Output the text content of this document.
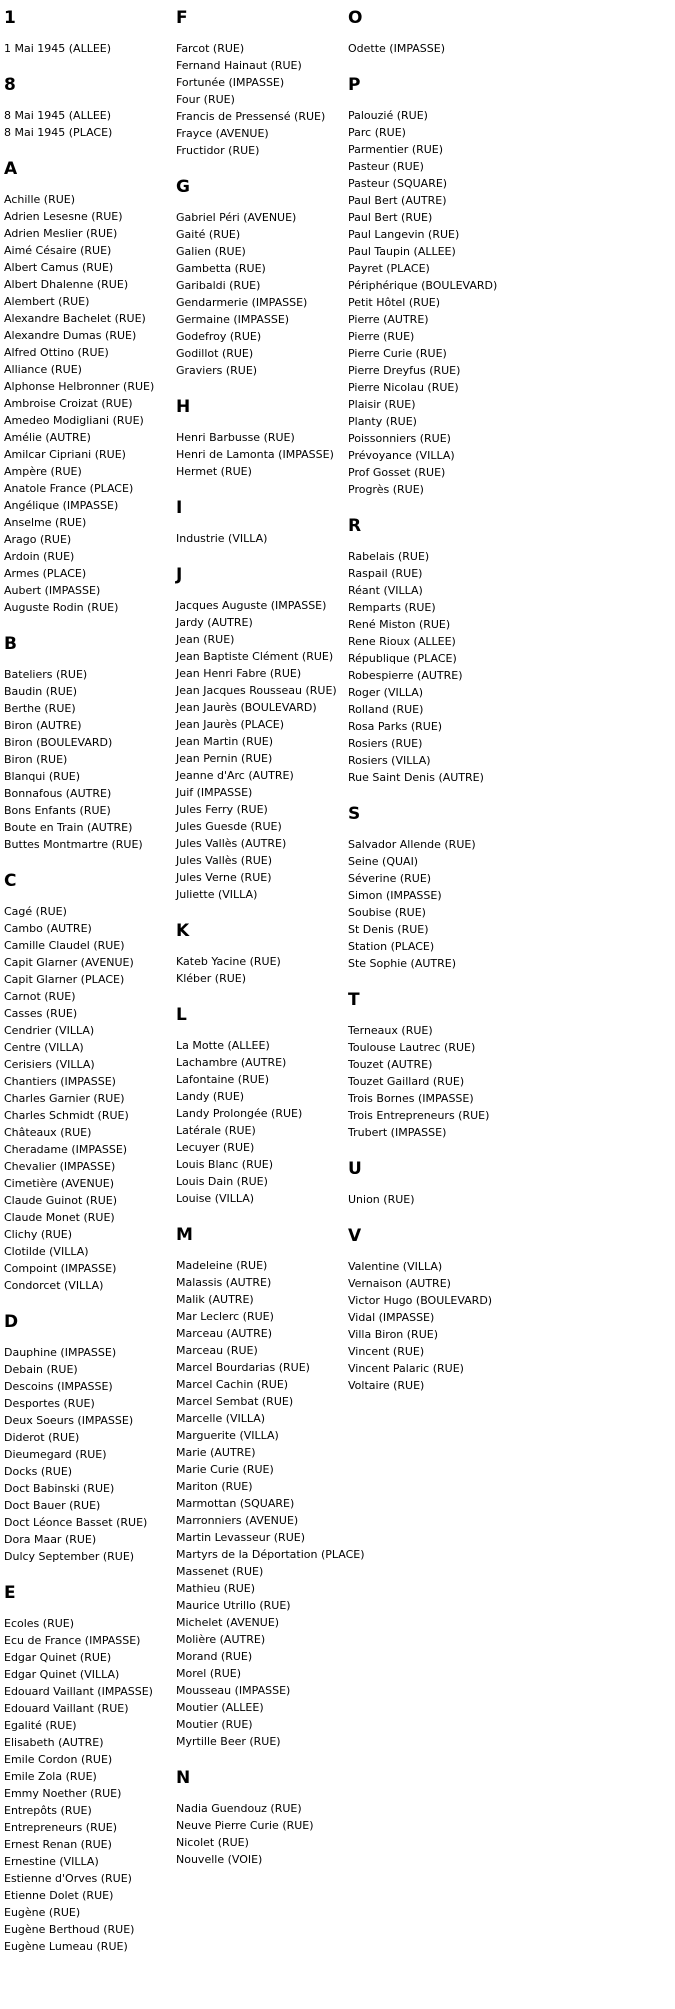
1
1 Mai 1945 (ALLEE)
8
8 Mai 1945 (ALLEE)
8 Mai 1945 (PLACE)
A
Achille (RUE)
Adrien Lesesne (RUE)
Adrien Meslier (RUE)
Aimé Césaire (RUE)
Albert Camus (RUE)
Albert Dhalenne (RUE)
Alembert (RUE)
Alexandre Bachelet (RUE)
Alexandre Dumas (RUE)
Alfred Ottino (RUE)
Alliance (RUE)
Alphonse Helbronner (RUE)
Ambroise Croizat (RUE)
Amedeo Modigliani (RUE)
Amélie (AUTRE)
Amilcar Cipriani (RUE)
Ampère (RUE)
Anatole France (PLACE)
Angélique (IMPASSE)
Anselme (RUE)
Arago (RUE)
Ardoin (RUE)
Armes (PLACE)
Aubert (IMPASSE)
Auguste Rodin (RUE)
B
Bateliers (RUE)
Baudin (RUE)
Berthe (RUE)
Biron (AUTRE)
Biron (BOULEVARD)
Biron (RUE)
Blanqui (RUE)
Bonnafous (AUTRE)
Bons Enfants (RUE)
Boute en Train (AUTRE)
Buttes Montmartre (RUE)
C
Cagé (RUE)
Cambo (AUTRE)
Camille Claudel (RUE)
Capit Glarner (AVENUE)
Capit Glarner (PLACE)
Carnot (RUE)
Casses (RUE)
Cendrier (VILLA)
Centre (VILLA)
Cerisiers (VILLA)
Chantiers (IMPASSE)
Charles Garnier (RUE)
Charles Schmidt (RUE)
Châteaux (RUE)
Cheradame (IMPASSE)
Chevalier (IMPASSE)
Cimetière (AVENUE)
Claude Guinot (RUE)
Claude Monet (RUE)
Clichy (RUE)
Clotilde (VILLA)
Compoint (IMPASSE)
Condorcet (VILLA)
D
Dauphine (IMPASSE)
Debain (RUE)
Descoins (IMPASSE)
Desportes (RUE)
Deux Soeurs (IMPASSE)
Diderot (RUE)
Dieumegard (RUE)
Docks (RUE)
Doct Babinski (RUE)
Doct Bauer (RUE)
Doct Léonce Basset (RUE)
Dora Maar (RUE)
Dulcy September (RUE)
E
Ecoles (RUE)
Ecu de France (IMPASSE)
Edgar Quinet (RUE)
Edgar Quinet (VILLA)
Edouard Vaillant (IMPASSE)
Edouard Vaillant (RUE)
Egalité (RUE)
Elisabeth (AUTRE)
Emile Cordon (RUE)
Emile Zola (RUE)
Emmy Noether (RUE)
Entrepôts (RUE)
Entrepreneurs (RUE)
Ernest Renan (RUE)
Ernestine (VILLA)
Estienne d'Orves (RUE)
Etienne Dolet (RUE)
Eugène (RUE)
Eugène Berthoud (RUE)
Eugène Lumeau (RUE)
F
Farcot (RUE)
Fernand Hainaut (RUE)
Fortunée (IMPASSE)
Four (RUE)
Francis de Pressensé (RUE)
Frayce (AVENUE)
Fructidor (RUE)
G
Gabriel Péri (AVENUE)
Gaité (RUE)
Galien (RUE)
Gambetta (RUE)
Garibaldi (RUE)
Gendarmerie (IMPASSE)
Germaine (IMPASSE)
Godefroy (RUE)
Godillot (RUE)
Graviers (RUE)
H
Henri Barbusse (RUE)
Henri de Lamonta (IMPASSE)
Hermet (RUE)
I
Industrie (VILLA)
J
Jacques Auguste (IMPASSE)
Jardy (AUTRE)
Jean (RUE)
Jean Baptiste Clément (RUE)
Jean Henri Fabre (RUE)
Jean Jacques Rousseau (RUE)
Jean Jaurès (BOULEVARD)
Jean Jaurès (PLACE)
Jean Martin (RUE)
Jean Pernin (RUE)
Jeanne d'Arc (AUTRE)
Juif (IMPASSE)
Jules Ferry (RUE)
Jules Guesde (RUE)
Jules Vallès (AUTRE)
Jules Vallès (RUE)
Jules Verne (RUE)
Juliette (VILLA)
K
Kateb Yacine (RUE)
Kléber (RUE)
L
La Motte (ALLEE)
Lachambre (AUTRE)
Lafontaine (RUE)
Landy (RUE)
Landy Prolongée (RUE)
Latérale (RUE)
Lecuyer (RUE)
Louis Blanc (RUE)
Louis Dain (RUE)
Louise (VILLA)
M
Madeleine (RUE)
Malassis (AUTRE)
Malik (AUTRE)
Mar Leclerc (RUE)
Marceau (AUTRE)
Marceau (RUE)
Marcel Bourdarias (RUE)
Marcel Cachin (RUE)
Marcel Sembat (RUE)
Marcelle (VILLA)
Marguerite (VILLA)
Marie (AUTRE)
Marie Curie (RUE)
Mariton (RUE)
Marmottan (SQUARE)
Marronniers (AVENUE)
Martin Levasseur (RUE)
Martyrs de la Déportation (PLACE)
Massenet (RUE)
Mathieu (RUE)
Maurice Utrillo (RUE)
Michelet (AVENUE)
Molière (AUTRE)
Morand (RUE)
Morel (RUE)
Mousseau (IMPASSE)
Moutier (ALLEE)
Moutier (RUE)
Myrtille Beer (RUE)
N
Nadia Guendouz (RUE)
Neuve Pierre Curie (RUE)
Nicolet (RUE)
Nouvelle (VOIE)
O
Odette (IMPASSE)
P
Palouzié (RUE)
Parc (RUE)
Parmentier (RUE)
Pasteur (RUE)
Pasteur (SQUARE)
Paul Bert (AUTRE)
Paul Bert (RUE)
Paul Langevin (RUE)
Paul Taupin (ALLEE)
Payret (PLACE)
Périphérique (BOULEVARD)
Petit Hôtel (RUE)
Pierre (AUTRE)
Pierre (RUE)
Pierre Curie (RUE)
Pierre Dreyfus (RUE)
Pierre Nicolau (RUE)
Plaisir (RUE)
Planty (RUE)
Poissonniers (RUE)
Prévoyance (VILLA)
Prof Gosset (RUE)
Progrès (RUE)
R
Rabelais (RUE)
Raspail (RUE)
Réant (VILLA)
Remparts (RUE)
René Miston (RUE)
Rene Rioux (ALLEE)
République (PLACE)
Robespierre (AUTRE)
Roger (VILLA)
Rolland (RUE)
Rosa Parks (RUE)
Rosiers (RUE)
Rosiers (VILLA)
Rue Saint Denis (AUTRE)
S
Salvador Allende (RUE)
Seine (QUAI)
Séverine (RUE)
Simon (IMPASSE)
Soubise (RUE)
St Denis (RUE)
Station (PLACE)
Ste Sophie (AUTRE)
T
Terneaux (RUE)
Toulouse Lautrec (RUE)
Touzet (AUTRE)
Touzet Gaillard (RUE)
Trois Bornes (IMPASSE)
Trois Entrepreneurs (RUE)
Trubert (IMPASSE)
U
Union (RUE)
V
Valentine (VILLA)
Vernaison (AUTRE)
Victor Hugo (BOULEVARD)
Vidal (IMPASSE)
Villa Biron (RUE)
Vincent (RUE)
Vincent Palaric (RUE)
Voltaire (RUE)
